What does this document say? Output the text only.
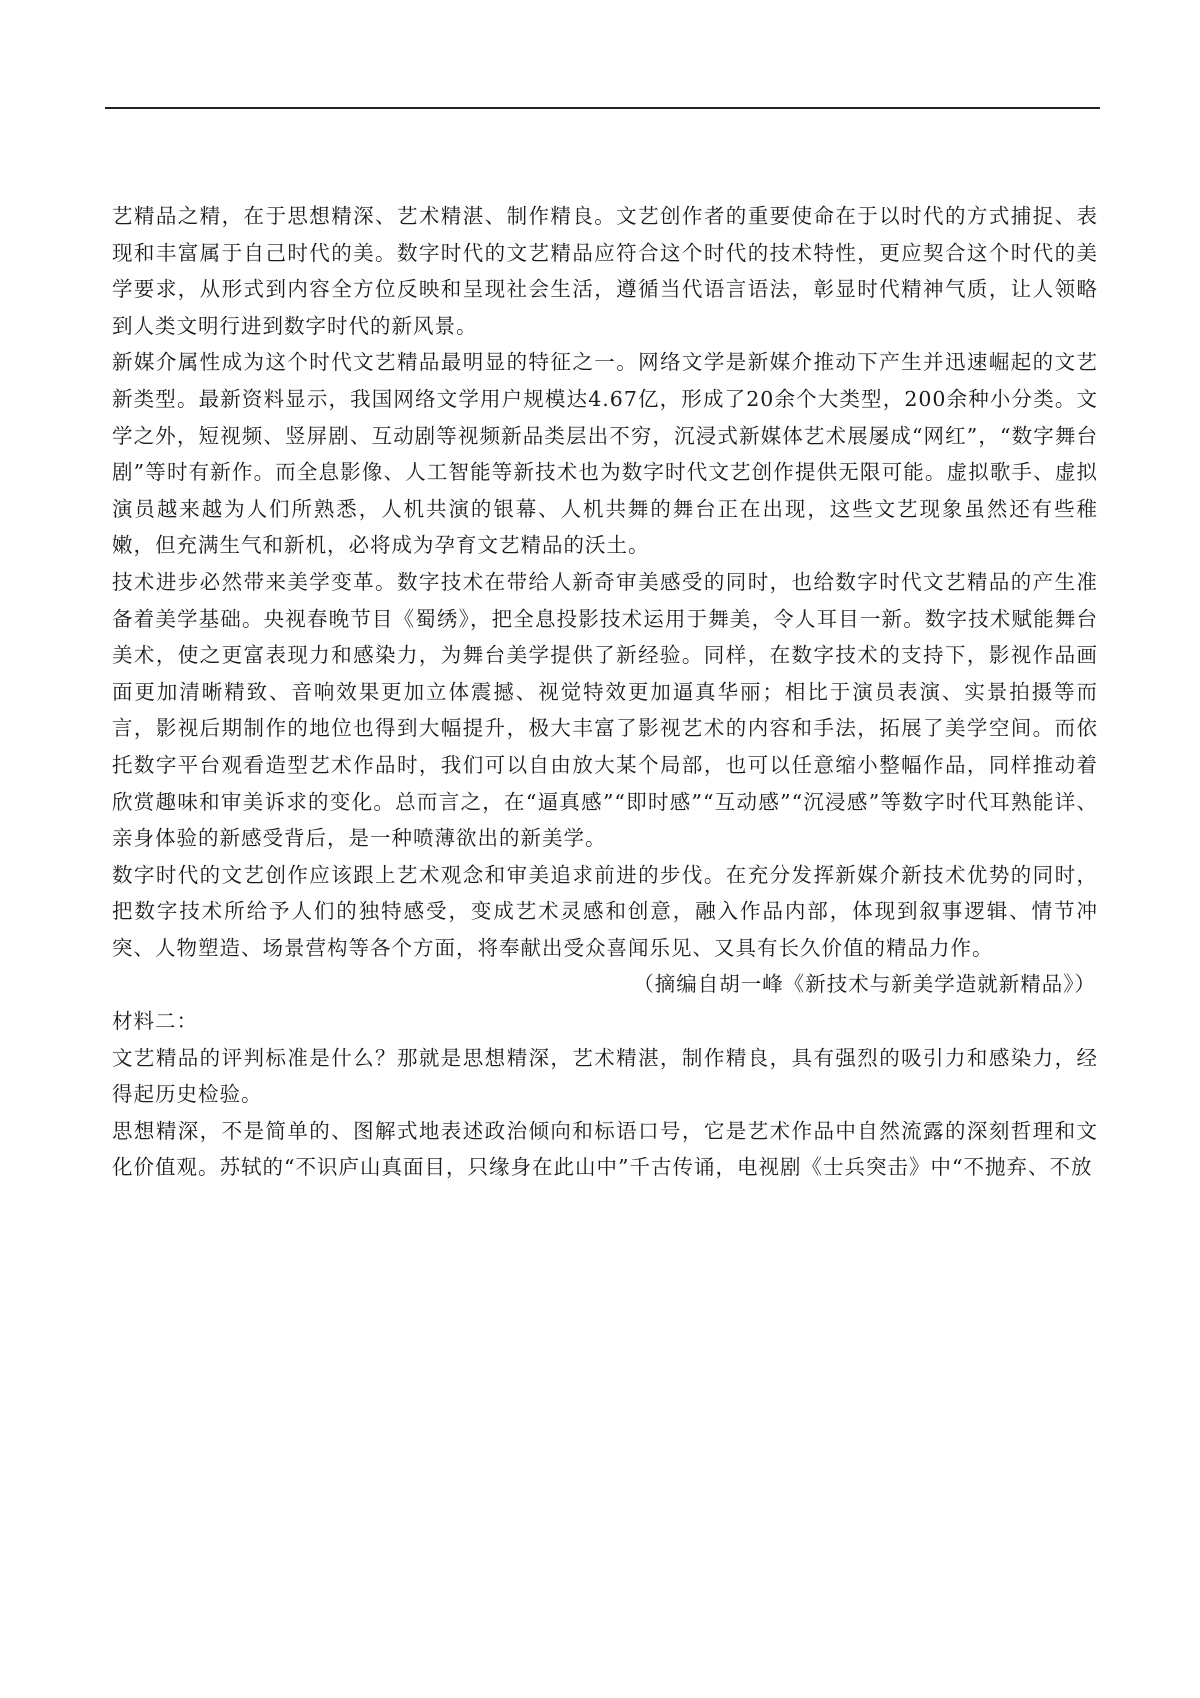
艺精品之精，在于思想精深、艺术精湛、制作精良。文艺创作者的重要使命在于以时代的方式捕捉、表现和丰富属于自己时代的美。数字时代的文艺精品应符合这个时代的技术特性，更应契合这个时代的美学要求，从形式到内容全方位反映和呈现社会生活，遵循当代语言语法，彰显时代精神气质，让人领略到人类文明行进到数字时代的新风景。

新媒介属性成为这个时代文艺精品最明显的特征之一。网络文学是新媒介推动下产生并迅速崛起的文艺新类型。最新资料显示，我国网络文学用户规模达4.67亿，形成了20余个大类型，200余种小分类。文学之外，短视频、竖屏剧、互动剧等视频新品类层出不穷，沉浸式新媒体艺术展屡成“网红”，“数字舞台剧”等时有新作。而全息影像、人工智能等新技术也为数字时代文艺创作提供无限可能。虚拟歌手、虚拟演员越来越为人们所熟悉，人机共演的银幕、人机共舞的舞台正在出现，这些文艺现象虽然还有些稚嫩，但充满生气和新机，必将成为孕育文艺精品的沃土。

技术进步必然带来美学变革。数字技术在带给人新奇审美感受的同时，也给数字时代文艺精品的产生准备着美学基础。央视春晚节目《蜀绣》，把全息投影技术运用于舞美，令人耳目一新。数字技术赋能舞台美术，使之更富表现力和感染力，为舞台美学提供了新经验。同样，在数字技术的支持下，影视作品画面更加清晰精致、音响效果更加立体震撼、视觉特效更加逼真华丽；相比于演员表演、实景拍摄等而言，影视后期制作的地位也得到大幅提升，极大丰富了影视艺术的内容和手法，拓展了美学空间。而依托数字平台观看造型艺术作品时，我们可以自由放大某个局部，也可以任意缩小整幅作品，同样推动着欣赏趣味和审美诉求的变化。总而言之，在“逼真感”“即时感”“互动感”“沉浸感”等数字时代耳熟能详、亲身体验的新感受背后，是一种喷薄欲出的新美学。

数字时代的文艺创作应该跟上艺术观念和审美追求前进的步伐。在充分发挥新媒介新技术优势的同时，把数字技术所给予人们的独特感受，变成艺术灵感和创意，融入作品内部，体现到叙事逻辑、情节冲突、人物塑造、场景营构等各个方面，将奉献出受众喜闻乐见、又具有长久价值的精品力作。

（摘编自胡一峰《新技术与新美学造就新精品》）

材料二：

文艺精品的评判标准是什么？那就是思想精深，艺术精湛，制作精良，具有强烈的吸引力和感染力，经得起历史检验。

思想精深，不是简单的、图解式地表述政治倾向和标语口号，它是艺术作品中自然流露的深刻哲理和文化价值观。苏轼的“不识庐山真面目，只缘身在此山中”千古传诵，电视剧《士兵突击》中“不抛弃、不放
